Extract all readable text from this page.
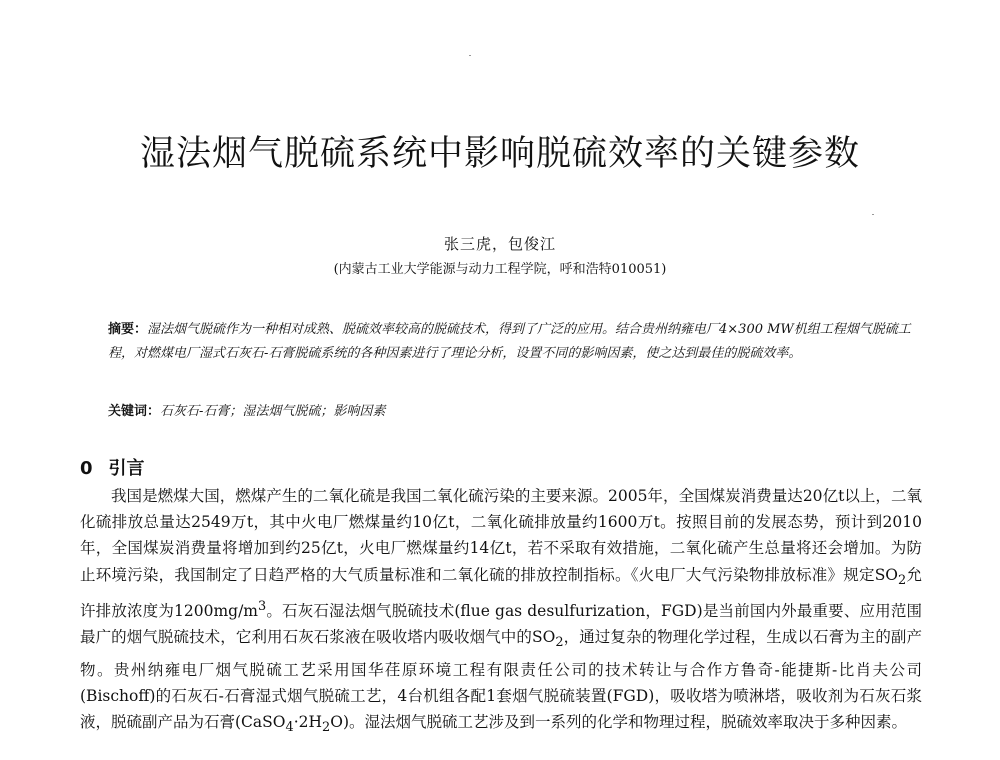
湿法烟气脱硫系统中影响脱硫效率的关键参数
张三虎，包俊江
(内蒙古工业大学能源与动力工程学院，呼和浩特010051)

摘要：湿法烟气脱硫作为一种相对成熟、脱硫效率较高的脱硫技术，得到了广泛的应用。结合贵州纳雍电厂4×300 MW机组工程烟气脱硫工程，对燃煤电厂湿式石灰石-石膏脱硫系统的各种因素进行了理论分析，设置不同的影响因素，使之达到最佳的脱硫效率。

关键词：石灰石-石膏；湿法烟气脱硫；影响因素

0 引言

我国是燃煤大国，燃煤产生的二氧化硫是我国二氧化硫污染的主要来源。2005年，全国煤炭消费量达20亿t以上，二氧化硫排放总量达2549万t，其中火电厂燃煤量约10亿t，二氧化硫排放量约1600万t。按照目前的发展态势，预计到2010年，全国煤炭消费量将增加到约25亿t，火电厂燃煤量约14亿t，若不采取有效措施，二氧化硫产生总量将还会增加。为防止环境污染，我国制定了日趋严格的大气质量标准和二氧化硫的排放控制指标。《火电厂大气污染物排放标准》规定$SO_2$允许排放浓度为$1200mg/m^3$。石灰石湿法烟气脱硫技术(flue gas desulfurization，FGD)是当前国内外最重要、应用范围最广的烟气脱硫技术，它利用石灰石浆液在吸收塔内吸收烟气中的$SO_2$，通过复杂的物理化学过程，生成以石膏为主的副产物。贵州纳雍电厂烟气脱硫工艺采用国华荏原环境工程有限责任公司的技术转让与合作方鲁奇-能捷斯-比肖夫公司(Bischoff)的石灰石-石膏湿式烟气脱硫工艺，4台机组各配1套烟气脱硫装置(FGD)，吸收塔为喷淋塔，吸收剂为石灰石浆液，脱硫副产品为石膏$(CaSO_4\cdot 2H_2O)$。湿法烟气脱硫工艺涉及到一系列的化学和物理过程，脱硫效率取决于多种因素。
